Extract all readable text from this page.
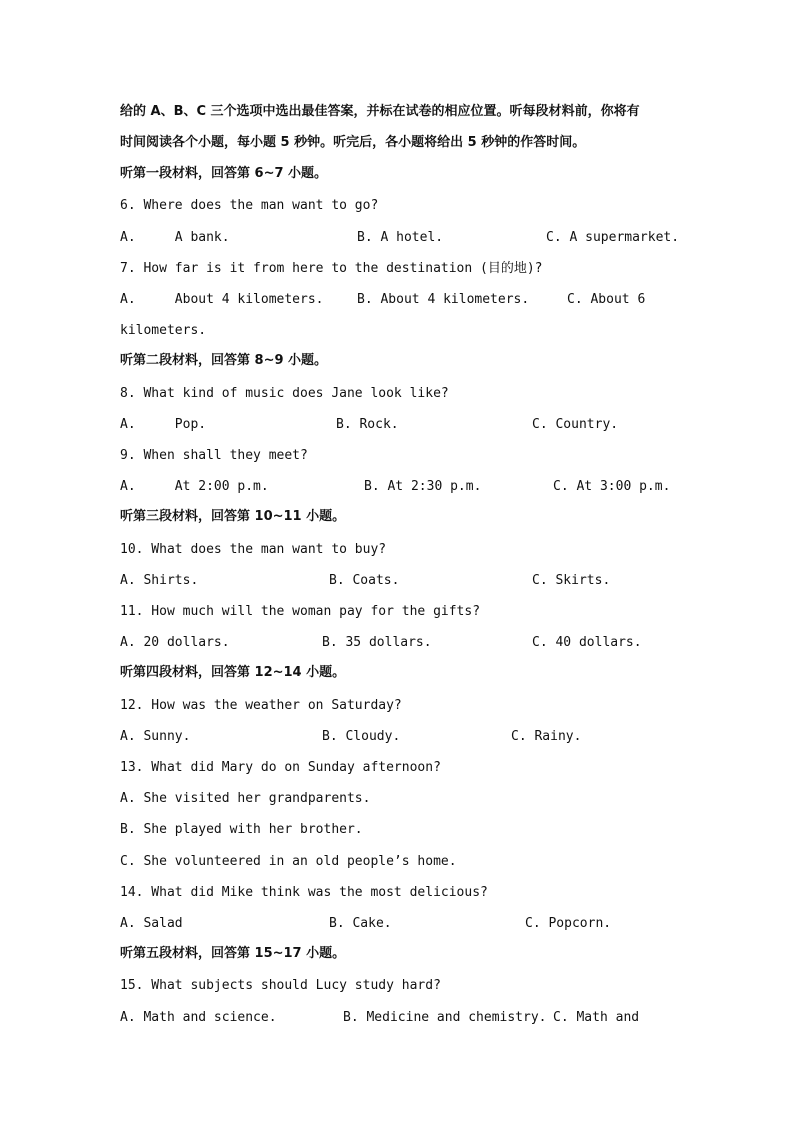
给的 A、B、C 三个选项中选出最佳答案，并标在试卷的相应位置。听每段材料前，你将有
时间阅读各个小题，每小题 5 秒钟。听完后，各小题将给出 5 秒钟的作答时间。
听第一段材料，回答第 6~7 小题。
6. Where does the man want to go?
A.     A bank.	B. A hotel.	C. A supermarket.
7. How far is it from here to the destination (目的地)?
A.     About 4 kilometers.	B. About 4 kilometers.	C. About 6
kilometers.
听第二段材料，回答第 8~9 小题。
8. What kind of music does Jane look like?
A.     Pop.	B. Rock.	C. Country.
9. When shall they meet?
A.     At 2:00 p.m.	B. At 2:30 p.m.	C. At 3:00 p.m.
听第三段材料，回答第 10~11 小题。
10. What does the man want to buy?
A. Shirts.	B. Coats.	C. Skirts.
11. How much will the woman pay for the gifts?
A. 20 dollars.	B. 35 dollars.	C. 40 dollars.
听第四段材料，回答第 12~14 小题。
12. How was the weather on Saturday?
A. Sunny.	B. Cloudy.	C. Rainy.
13. What did Mary do on Sunday afternoon?
A. She visited her grandparents.
B. She played with her brother.
C. She volunteered in an old people’s home.
14. What did Mike think was the most delicious?
A. Salad	B. Cake.	C. Popcorn.
听第五段材料，回答第 15~17 小题。
15. What subjects should Lucy study hard?
A. Math and science.	B. Medicine and chemistry. C. Math and
